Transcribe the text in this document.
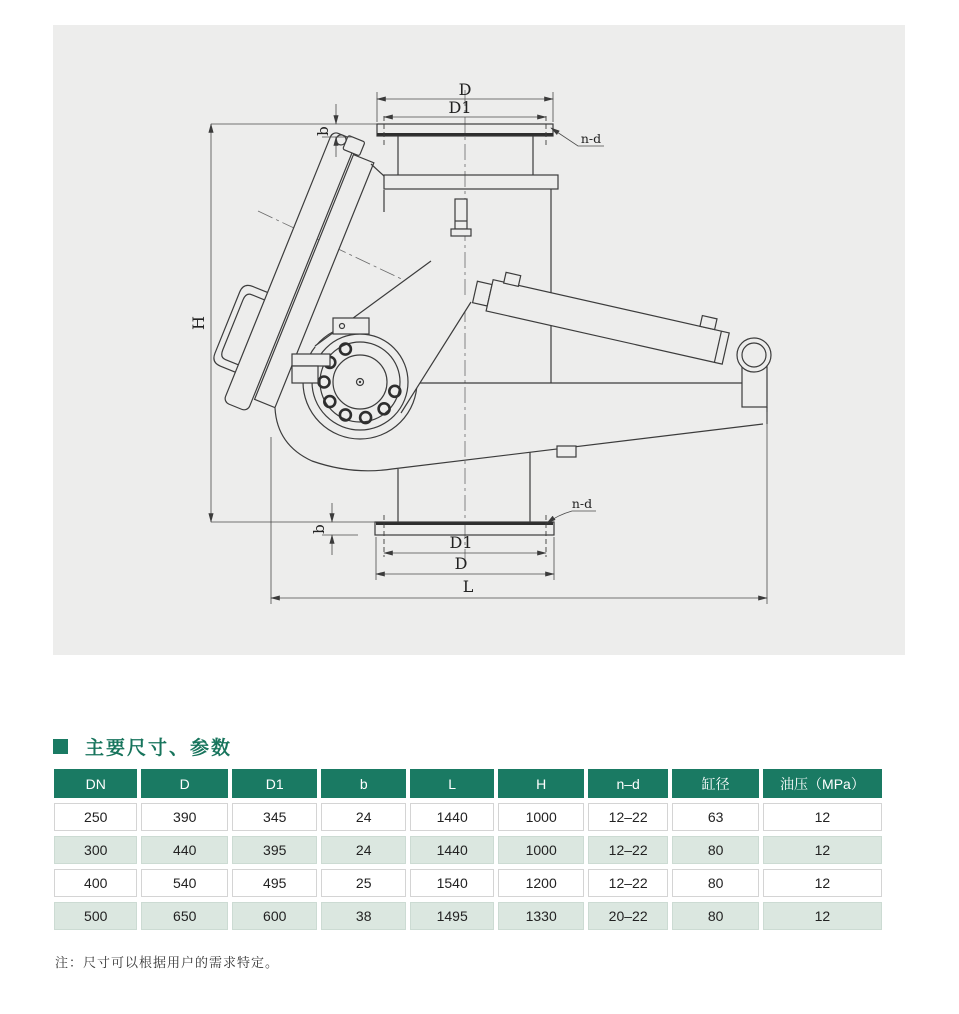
D
D1
b	n-d
H
b
n-d
D1
D
L
主要尺寸、参数
DN	D	D1	b	L	H	n–d	缸径	油压（MPa）
250	390	345	24	1440	1000	12–22	63	12
300	440	395	24	1440	1000	12–22	80	12
400	540	495	25	1540	1200	12–22	80	12
500	650	600	38	1495	1330	20–22	80	12
注：尺寸可以根据用户的需求特定。
